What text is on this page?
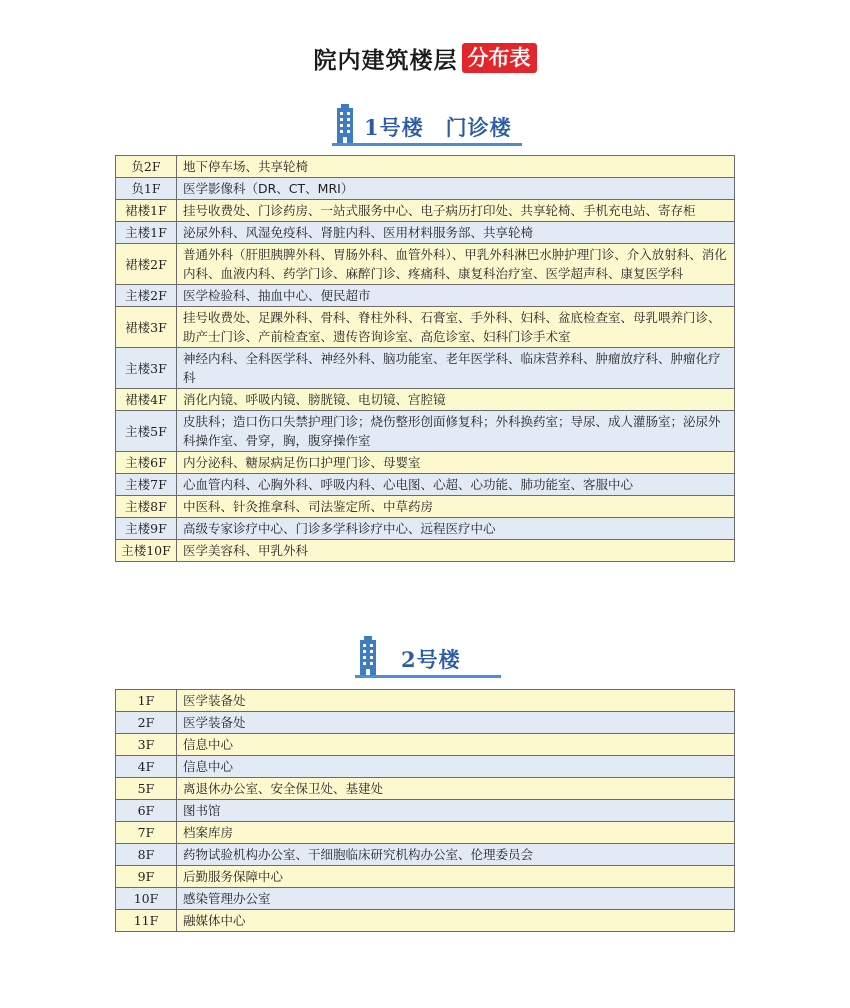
院内建筑楼层 分布表
1号楼　门诊楼
负2F	地下停车场、共享轮椅
负1F	医学影像科（DR、CT、MRI）
裙楼1F	挂号收费处、门诊药房、一站式服务中心、电子病历打印处、共享轮椅、手机充电站、寄存柜
主楼1F	泌尿外科、风湿免疫科、肾脏内科、医用材料服务部、共享轮椅
裙楼2F	普通外科（肝胆胰脾外科、胃肠外科、血管外科）、甲乳外科淋巴水肿护理门诊、介入放射科、消化内科、血液内科、药学门诊、麻醉门诊、疼痛科、康复科治疗室、医学超声科、康复医学科
主楼2F	医学检验科、抽血中心、便民超市
裙楼3F	挂号收费处、足踝外科、骨科、脊柱外科、石膏室、手外科、妇科、盆底检查室、母乳喂养门诊、助产士门诊、产前检查室、遗传咨询诊室、高危诊室、妇科门诊手术室
主楼3F	神经内科、全科医学科、神经外科、脑功能室、老年医学科、临床营养科、肿瘤放疗科、肿瘤化疗科
裙楼4F	消化内镜、呼吸内镜、膀胱镜、电切镜、宫腔镜
主楼5F	皮肤科；造口伤口失禁护理门诊；烧伤整形创面修复科；外科换药室；导尿、成人灌肠室；泌尿外科操作室、骨穿，胸，腹穿操作室
主楼6F	内分泌科、糖尿病足伤口护理门诊、母婴室
主楼7F	心血管内科、心胸外科、呼吸内科、心电图、心超、心功能、肺功能室、客服中心
主楼8F	中医科、针灸推拿科、司法鉴定所、中草药房
主楼9F	高级专家诊疗中心、门诊多学科诊疗中心、远程医疗中心
主楼10F	医学美容科、甲乳外科
2号楼
1F	医学装备处
2F	医学装备处
3F	信息中心
4F	信息中心
5F	离退休办公室、安全保卫处、基建处
6F	图书馆
7F	档案库房
8F	药物试验机构办公室、干细胞临床研究机构办公室、伦理委员会
9F	后勤服务保障中心
10F	感染管理办公室
11F	融媒体中心
